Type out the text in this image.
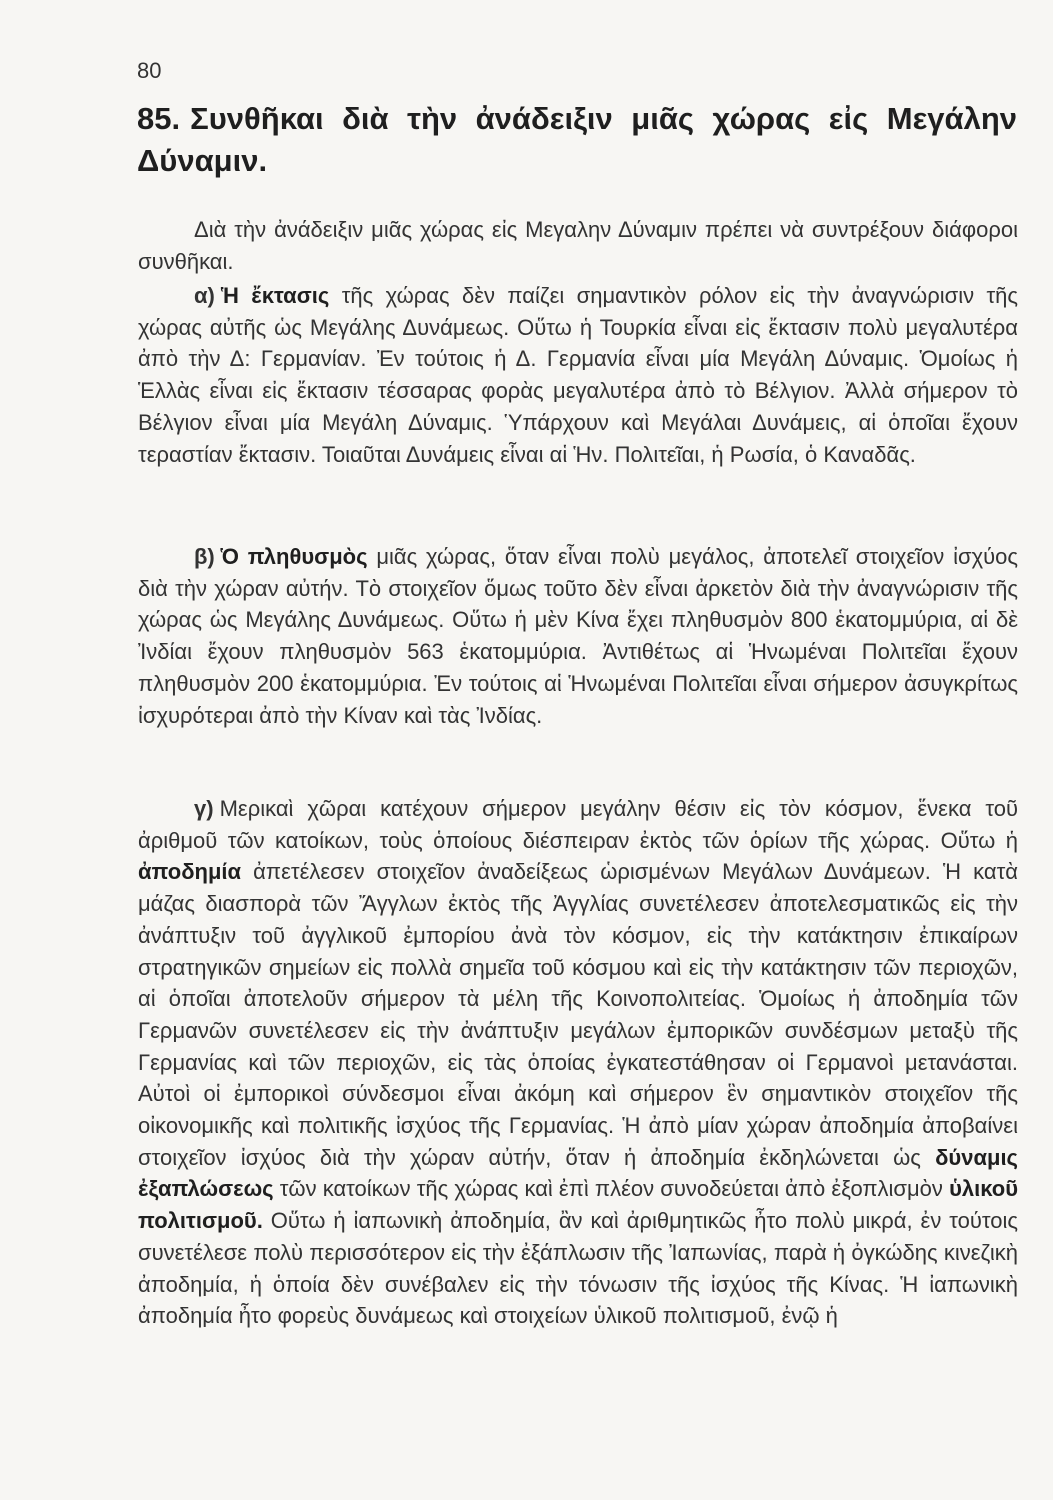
80
85. Συνθῆκαι διὰ τὴν ἀνάδειξιν μιᾶς χώρας εἰς Μεγάλην Δύναμιν.

Διὰ τὴν ἀνάδειξιν μιᾶς χώρας εἰς Μεγαλην Δύναμιν πρέπει νὰ συντρέξουν διάφοροι συνθῆκαι.

α) Ἡ ἔκτασις τῆς χώρας δὲν παίζει σημαντικὸν ρόλον εἰς τὴν ἀναγνώρισιν τῆς χώρας αὐτῆς ὡς Μεγάλης Δυνάμεως. Οὕτω ἡ Τουρκία εἶναι εἰς ἔκτασιν πολὺ μεγαλυτέρα ἀπὸ τὴν Δ: Γερμανίαν. Ἐν τούτοις ἡ Δ. Γερμανία εἶναι μία Μεγάλη Δύναμις. Ὁμοίως ἡ Ἑλλὰς εἶναι εἰς ἔκτασιν τέσσαρας φορὰς μεγαλυτέρα ἀπὸ τὸ Βέλγιον. Ἀλλὰ σήμερον τὸ Βέλγιον εἶναι μία Μεγάλη Δύναμις. Ὑπάρχουν καὶ Μεγάλαι Δυνάμεις, αἱ ὁποῖαι ἔχουν τεραστίαν ἔκτασιν. Τοιαῦται Δυνάμεις εἶναι αἱ Ἡν. Πολιτεῖαι, ἡ Ρωσία, ὁ Καναδᾶς.

β) Ὁ πληθυσμὸς μιᾶς χώρας, ὅταν εἶναι πολὺ μεγάλος, ἀποτελεῖ στοιχεῖον ἰσχύος διὰ τὴν χώραν αὐτήν. Τὸ στοιχεῖον ὅμως τοῦτο δὲν εἶναι ἀρκετὸν διὰ τὴν ἀναγνώρισιν τῆς χώρας ὡς Μεγάλης Δυνάμεως. Οὕτω ἡ μὲν Κίνα ἔχει πληθυσμὸν 800 ἑκατομμύρια, αἱ δὲ Ἰνδίαι ἔχουν πληθυσμὸν 563 ἑκατομμύρια. Ἀντιθέτως αἱ Ἡνωμέναι Πολιτεῖαι ἔχουν πληθυσμὸν 200 ἑκατομμύρια. Ἐν τούτοις αἱ Ἡνωμέναι Πολιτεῖαι εἶναι σήμερον ἀσυγκρίτως ἰσχυρότεραι ἀπὸ τὴν Κίναν καὶ τὰς Ἰνδίας.

γ) Μερικαὶ χῶραι κατέχουν σήμερον μεγάλην θέσιν εἰς τὸν κόσμον, ἕνεκα τοῦ ἀριθμοῦ τῶν κατοίκων, τοὺς ὁποίους διέσπειραν ἐκτὸς τῶν ὁρίων τῆς χώρας. Οὕτω ἡ ἀποδημία ἀπετέλεσεν στοιχεῖον ἀναδείξεως ὡρισμένων Μεγάλων Δυνάμεων. Ἡ κατὰ μάζας διασπορὰ τῶν Ἄγγλων ἐκτὸς τῆς Ἀγγλίας συνετέλεσεν ἀποτελεσματικῶς εἰς τὴν ἀνάπτυξιν τοῦ ἀγγλικοῦ ἐμπορίου ἀνὰ τὸν κόσμον, εἰς τὴν κατάκτησιν ἐπικαίρων στρατηγικῶν σημείων εἰς πολλὰ σημεῖα τοῦ κόσμου καὶ εἰς τὴν κατάκτησιν τῶν περιοχῶν, αἱ ὁποῖαι ἀποτελοῦν σήμερον τὰ μέλη τῆς Κοινοπολιτείας. Ὁμοίως ἡ ἀποδημία τῶν Γερμανῶν συνετέλεσεν εἰς τὴν ἀνάπτυξιν μεγάλων ἐμπορικῶν συνδέσμων μεταξὺ τῆς Γερμανίας καὶ τῶν περιοχῶν, εἰς τὰς ὁποίας ἐγκατεστάθησαν οἱ Γερμανοὶ μετανάσται. Αὐτοὶ οἱ ἐμπορικοὶ σύνδεσμοι εἶναι ἀκόμη καὶ σήμερον ἓν σημαντικὸν στοιχεῖον τῆς οἰκονομικῆς καὶ πολιτικῆς ἰσχύος τῆς Γερμανίας. Ἡ ἀπὸ μίαν χώραν ἀποδημία ἀποβαίνει στοιχεῖον ἰσχύος διὰ τὴν χώραν αὐτήν, ὅταν ἡ ἀποδημία ἐκδηλώνεται ὡς δύναμις ἐξαπλώσεως τῶν κατοίκων τῆς χώρας καὶ ἐπὶ πλέον συνοδεύεται ἀπὸ ἐξοπλισμὸν ὑλικοῦ πολιτισμοῦ. Οὕτω ἡ ἰαπωνικὴ ἀποδημία, ἂν καὶ ἀριθμητικῶς ἦτο πολὺ μικρά, ἐν τούτοις συνετέλεσε πολὺ περισσότερον εἰς τὴν ἐξάπλωσιν τῆς Ἰαπωνίας, παρὰ ἡ ὀγκώδης κινεζικὴ ἀποδημία, ἡ ὁποία δὲν συνέβαλεν εἰς τὴν τόνωσιν τῆς ἰσχύος τῆς Κίνας. Ἡ ἰαπωνικὴ ἀποδημία ἦτο φορεὺς δυνάμεως καὶ στοιχείων ὑλικοῦ πολιτισμοῦ, ἐνῷ ἡ
